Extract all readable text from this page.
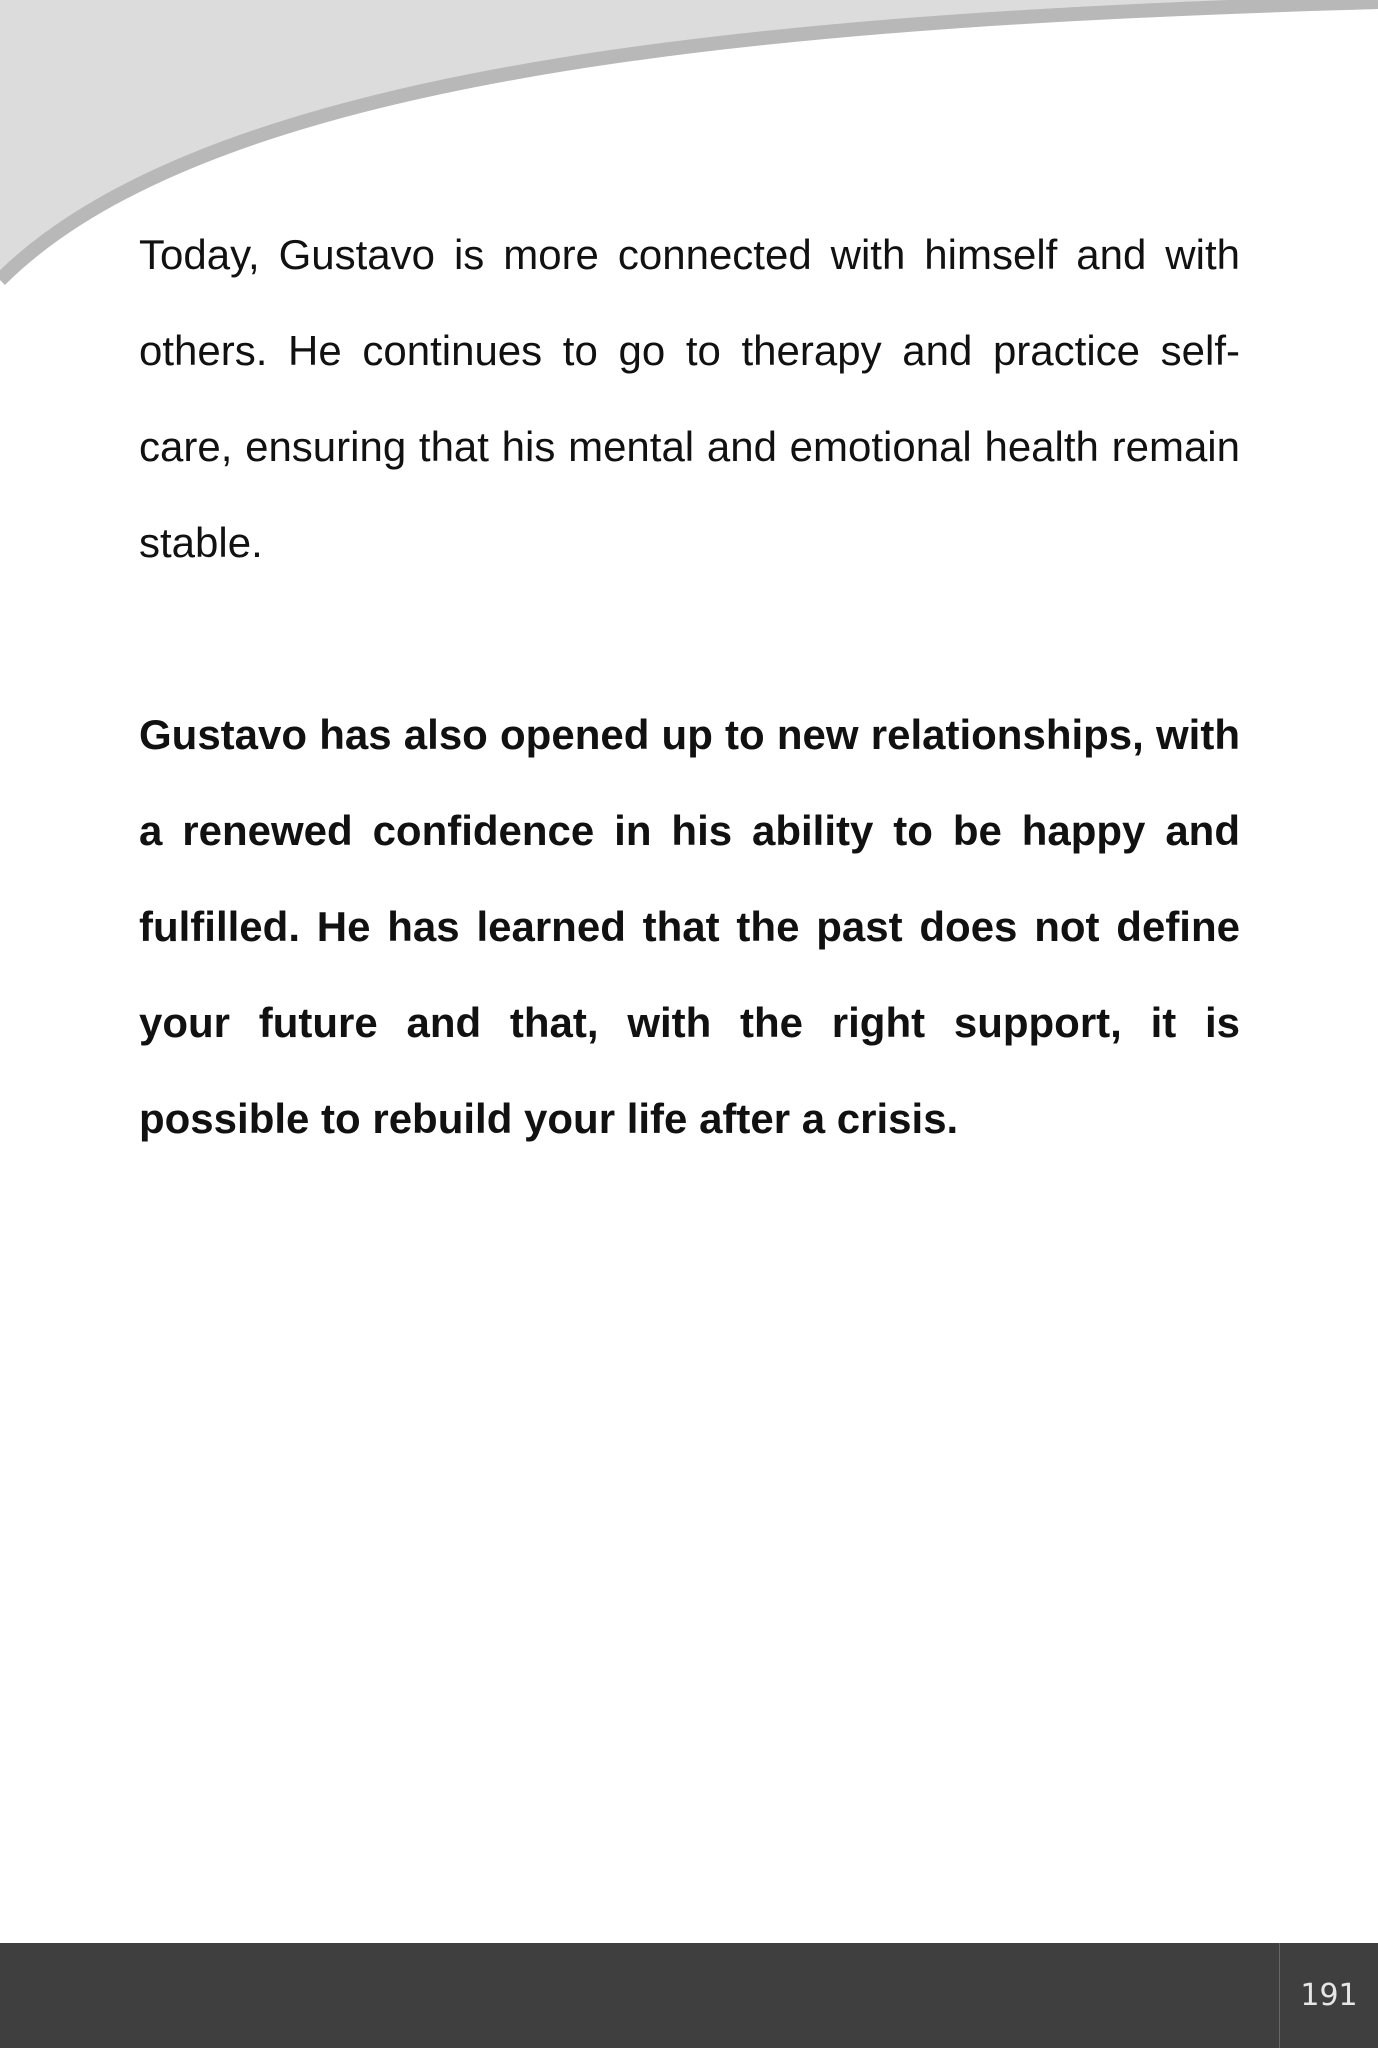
Today, Gustavo is more connected with himself and with others. He continues to go to therapy and practice self-care, ensuring that his mental and emotional health remain stable.

Gustavo has also opened up to new relationships, with a renewed confidence in his ability to be happy and fulfilled. He has learned that the past does not define your future and that, with the right support, it is possible to rebuild your life after a crisis.

191
